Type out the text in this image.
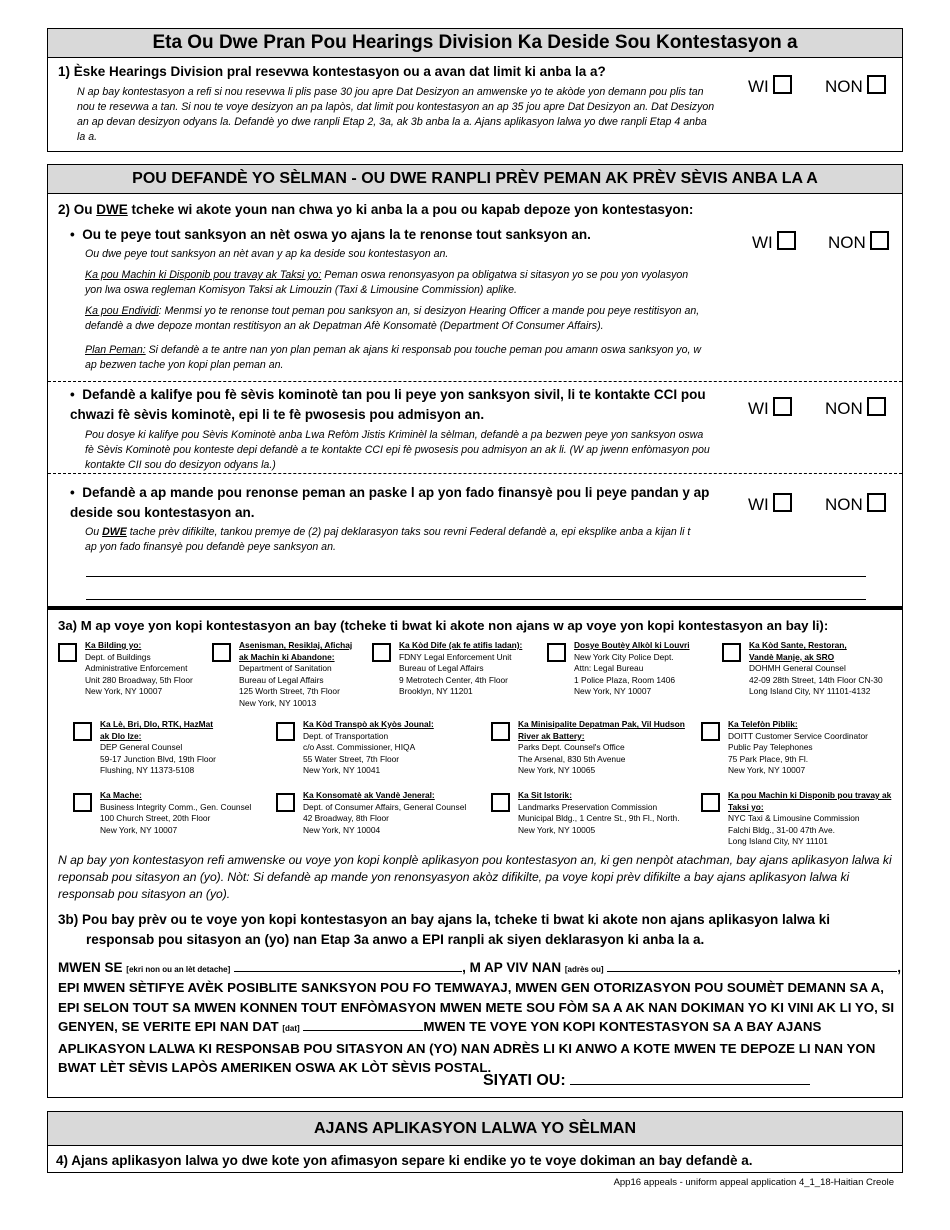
Eta Ou Dwe Pran Pou Hearings Division Ka Deside Sou Kontestasyon a
1) Èske Hearings Division pral resevwa kontestasyon ou a avan dat limit ki anba la a?
N ap bay kontestasyon a refi si nou resevwa li plis pase 30 jou apre Dat Desizyon an amwenske yo te akòde yon demann pou plis tan nou te resevwa a tan. Si nou te voye desizyon an pa lapòs, dat limit pou kontestasyon an ap 35 jou apre Dat Desizyon an. Dat Desizyon an ap devan desizyon odyans la. Defandè yo dwe ranpli Etap 2, 3a, ak 3b anba la a. Ajans aplikasyon lalwa yo dwe ranpli Etap 4 anba la a.
WI	NON
POU DEFANDÈ YO SÈLMAN - OU DWE RANPLI PRÈV PEMAN AK PRÈV SÈVIS ANBA LA A
2) Ou DWE tcheke wi akote youn nan chwa yo ki anba la a pou ou kapab depoze yon kontestasyon:
•  Ou te peye tout sanksyon an nèt oswa yo ajans la te renonse tout sanksyon an.	WI	NON
Ou dwe peye tout sanksyon an nèt avan y ap ka deside sou kontestasyon an.
Ka pou Machin ki Disponib pou travay ak Taksi yo: Peman oswa renonsyasyon pa obligatwa si sitasyon yo se pou yon vyolasyon yon lwa oswa regleman Komisyon Taksi ak Limouzin (Taxi & Limousine Commission) aplike.
Ka pou Endividi: Menmsi yo te renonse tout peman pou sanksyon an, si desizyon Hearing Officer a mande pou peye restitisyon an, defandè a dwe depoze montan restitisyon an ak Depatman Afè Konsomatè (Department Of Consumer Affairs).
Plan Peman: Si defandè a te antre nan yon plan peman ak ajans ki responsab pou touche peman pou amann oswa sanksyon yo, w ap bezwen tache yon kopi plan peman an.
•  Defandè a kalifye pou fè sèvis kominotè tan pou li peye yon sanksyon sivil, li te kontakte CCI pou chwazi fè sèvis kominotè, epi li te fè pwosesis pou admisyon an.	WI	NON
Pou dosye ki kalifye pou Sèvis Kominotè anba Lwa Refòm Jistis Kriminèl la sèlman, defandè a pa bezwen peye yon sanksyon oswa fè Sèvis Kominotè pou konteste depi defandè a te kontakte CCI epi fè pwosesis pou admisyon an ak li. (W ap jwenn enfòmasyon pou kontakte CII sou do desizyon odyans la.)
•  Defandè a ap mande pou renonse peman an paske l ap yon fado finansyè pou li peye pandan y ap deside sou kontestasyon an.	WI	NON
Ou DWE tache prèv difikilte, tankou premye de (2) paj deklarasyon taks sou revni Federal defandè a, epi eksplike anba a kijan li t ap yon fado finansyè pou defandè peye sanksyon an.
3a) M ap voye yon kopi kontestasyon an bay (tcheke ti bwat ki akote non ajans w ap voye yon kopi kontestasyon an bay li):
Ka Bilding yo:
Dept. of Buildings
Administrative Enforcement
Unit 280 Broadway, 5th Floor
New York, NY 10007
Asenisman, Resiklaj, Afichaj ak Machin ki Abandone:
Department of Sanitation
Bureau of Legal Affairs
125 Worth Street, 7th Floor
New York, NY 10013
Ka Kòd Dife (ak fe atifis ladan):
FDNY Legal Enforcement Unit
Bureau of Legal Affairs
9 Metrotech Center, 4th Floor
Brooklyn, NY 11201
Dosye Boutèy Alkòl ki Louvri
New York City Police Dept.
Attn: Legal Bureau
1 Police Plaza, Room 1406
New York, NY 10007
Ka Kòd Sante, Restoran, Vandè Manje, ak SRO
DOHMH General Counsel
42-09 28th Street, 14th Floor CN-30
Long Island City, NY 11101-4132
Ka Lè, Bri, Dlo, RTK, HazMat ak Dlo Ize:
DEP General Counsel
59-17 Junction Blvd, 19th Floor
Flushing, NY 11373-5108
Ka Kòd Transpò ak Kyòs Jounal:
Dept. of Transportation
c/o Asst. Commissioner, HIQA
55 Water Street, 7th Floor
New York, NY 10041
Ka Minisipalite Depatman Pak, Vil Hudson River ak Battery:
Parks Dept. Counsel's Office
The Arsenal, 830 5th Avenue
New York, NY 10065
Ka Telefòn Piblik:
DOITT Customer Service Coordinator
Public Pay Telephones
75 Park Place, 9th Fl.
New York, NY 10007
Ka Mache:
Business Integrity Comm., Gen. Counsel
100 Church Street, 20th Floor
New York, NY 10007
Ka Konsomatè ak Vandè Jeneral:
Dept. of Consumer Affairs, General Counsel
42 Broadway, 8th Floor
New York, NY 10004
Ka Sit Istorik:
Landmarks Preservation Commission
Municipal Bldg., 1 Centre St., 9th Fl., North.
New York, NY 10005
Ka pou Machin ki Disponib pou travay ak Taksi yo:
NYC Taxi & Limousine Commission
Falchi Bldg., 31-00 47th Ave.
Long Island City, NY 11101
N ap bay yon kontestasyon refi amwenske ou voye yon kopi konplè aplikasyon pou kontestasyon an, ki gen nenpòt atachman, bay ajans aplikasyon lalwa ki reponsab pou sitasyon an (yo). Nòt: Si defandè ap mande yon renonsyasyon akòz difikilte, pa voye kopi prèv difikilte a bay ajans aplikasyon lalwa ki responsab pou sitasyon an (yo).
3b) Pou bay prèv ou te voye yon kopi kontestasyon an bay ajans la, tcheke ti bwat ki akote non ajans aplikasyon lalwa ki responsab pou sitasyon an (yo) nan Etap 3a anwo a EPI ranpli ak siyen deklarasyon ki anba la a.
MWEN SE [ekri non ou an lèt detache]	, M AP VIV NAN [adrès ou]	,
EPI MWEN SÈTIFYE AVÈK POSIBLITE SANKSYON POU FO TEMWAYAJ, MWEN GEN OTORIZASYON POU SOUMÈT DEMANN SA A, EPI SELON TOUT SA MWEN KONNEN TOUT ENFÒMASYON MWEN METE SOU FÒM SA A AK NAN DOKIMAN YO KI VINI AK LI YO, SI GENYEN, SE VERITE EPI NAN DAT [dat]	MWEN TE VOYE YON KOPI KONTESTASYON SA A BAY AJANS APLIKASYON LALWA KI RESPONSAB POU SITASYON AN (YO) NAN ADRÈS LI KI ANWO A KOTE MWEN TE DEPOZE LI NAN YON BWAT LÈT SÈVIS LAPÒS AMERIKEN OSWA AK LÒT SÈVIS POSTAL.
SIYATI OU:
AJANS APLIKASYON LALWA YO SÈLMAN
4) Ajans aplikasyon lalwa yo dwe kote yon afimasyon separe ki endike yo te voye dokiman an bay defandè a.
App16 appeals - uniform appeal application 4_1_18-Haitian Creole
